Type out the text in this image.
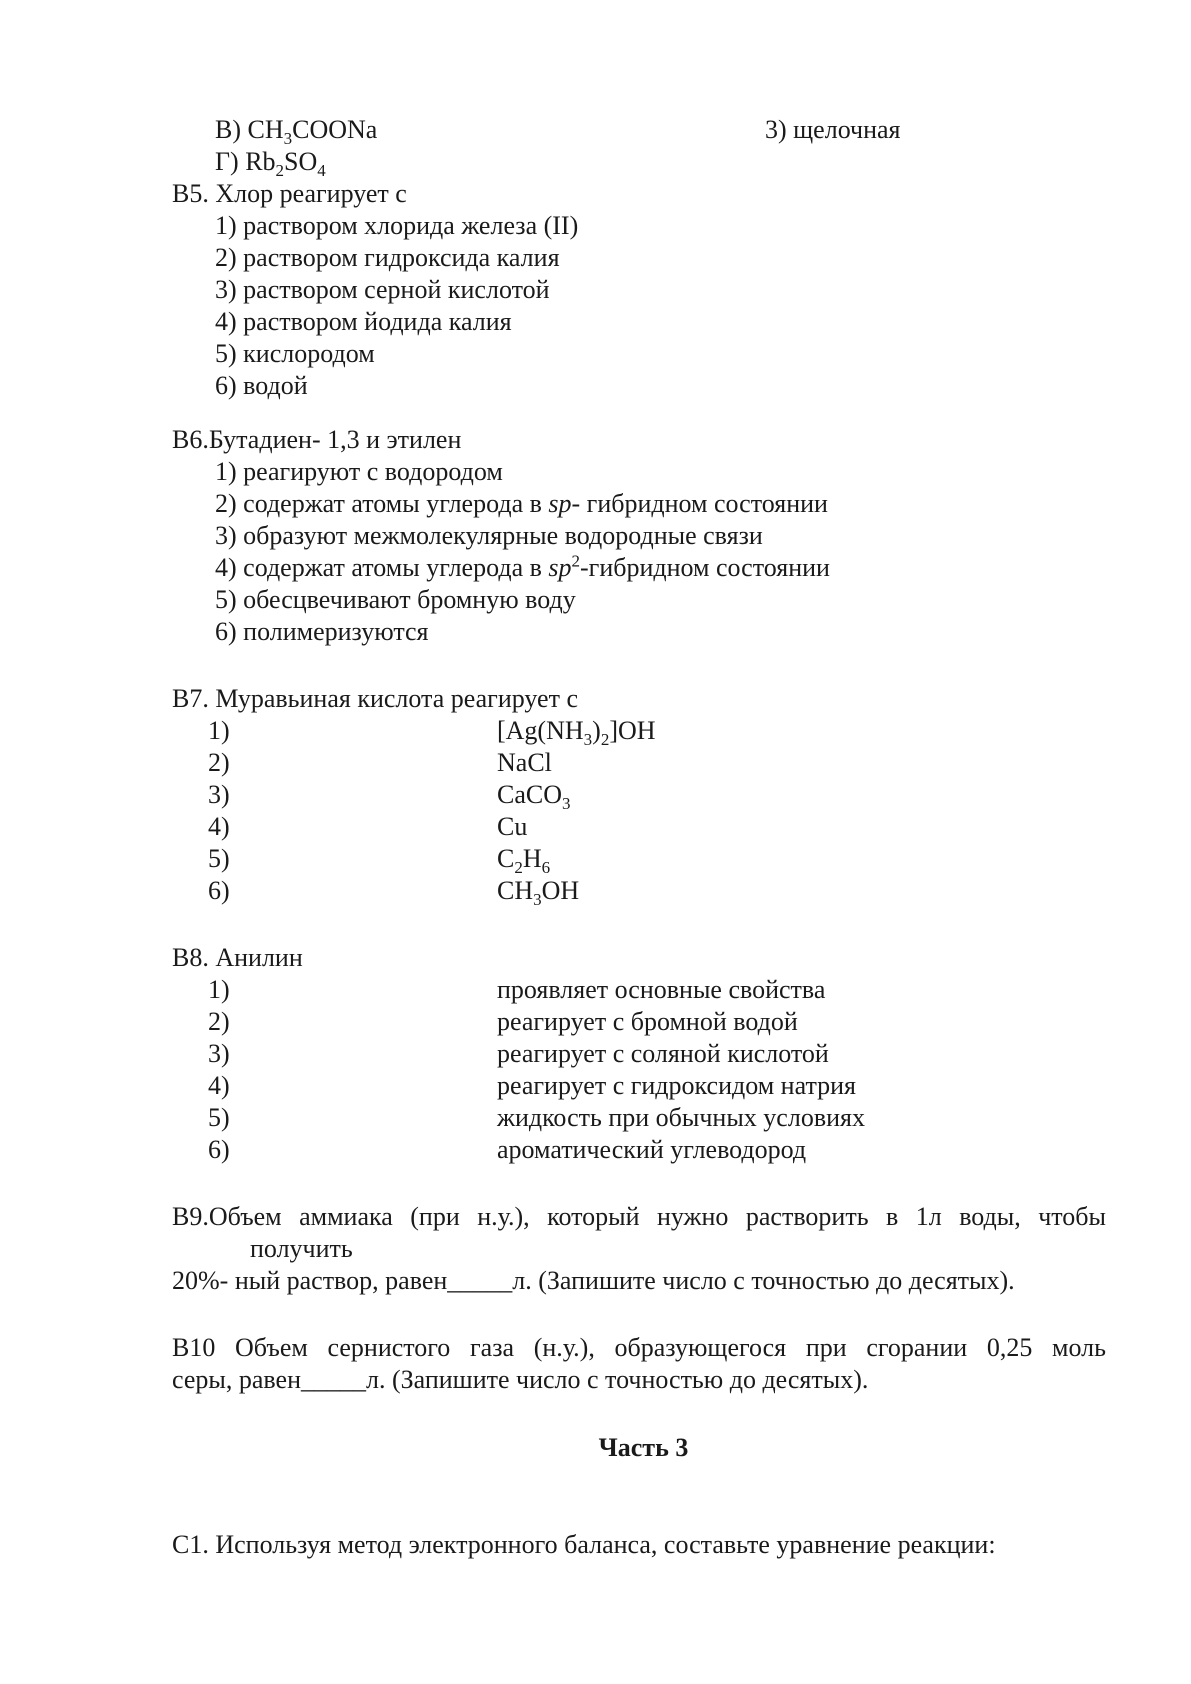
В) $CH_3COONa$	3) щелочная
Г) $Rb_2SO_4$
В5. Хлор реагирует с
1) раствором хлорида железа (II)
2) раствором гидроксида калия
3) раствором серной кислотой
4) раствором йодида калия
5) кислородом
6) водой
В6.Бутадиен- 1,3 и этилен
1) реагируют с водородом
2) содержат атомы углерода в sp- гибридном состоянии
3) образуют межмолекулярные водородные связи
4) содержат атомы углерода в $sp^2$-гибридном состоянии
5) обесцвечивают бромную воду
6) полимеризуются
В7. Муравьиная кислота реагирует с
1)
2)
3)
4)
5)
6)
$[Ag(NH_3)_2]OH$
NaCl
CaCO$_3$
Cu
$C_2H_6$
$CH_3OH$
В8. Анилин
1)
2)
3)
4)
5)
6)
проявляет основные свойства
реагирует с бромной водой
реагирует с соляной кислотой
реагирует с гидроксидом натрия
жидкость при обычных условиях
ароматический углеводород
В9.Объем аммиака (при н.у.), который нужно растворить в 1л воды, чтобы
получить
20%- ный раствор, равен_____л. (Запишите число с точностью до десятых).
В10 Объем сернистого газа (н.у.), образующегося при сгорании 0,25 моль
серы, равен_____л. (Запишите число с точностью до десятых).
Часть 3
С1. Используя метод электронного баланса, составьте уравнение реакции:
